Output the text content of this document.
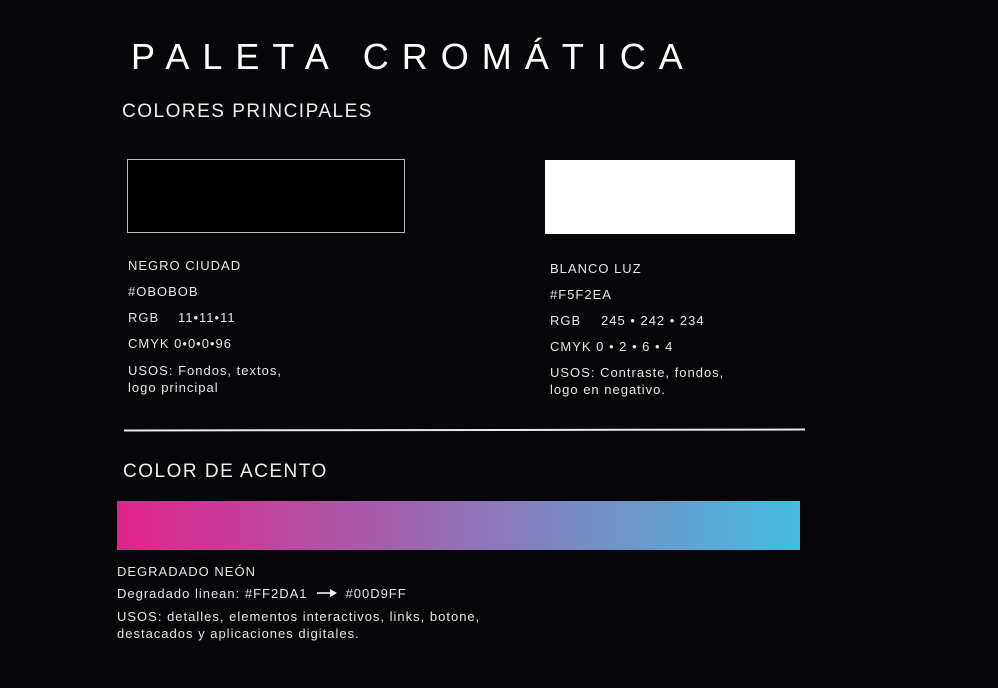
PALETA CROMÁTICA
COLORES PRINCIPALES
NEGRO CIUDAD
#OBOBOB
RGB 11•11•11
CMYK 0•0•0•96
USOS: Fondos, textos,
logo principal
BLANCO LUZ
#F5F2EA
RGB 245 • 242 • 234
CMYK 0 • 2 • 6 • 4
USOS: Contraste, fondos,
logo en negativo.
COLOR DE ACENTO
DEGRADADO NEÓN
Degradado linean: #FF2DA1	#00D9FF
USOS: detalles, elementos interactivos, links, botone,
destacados y aplicaciones digitales.
